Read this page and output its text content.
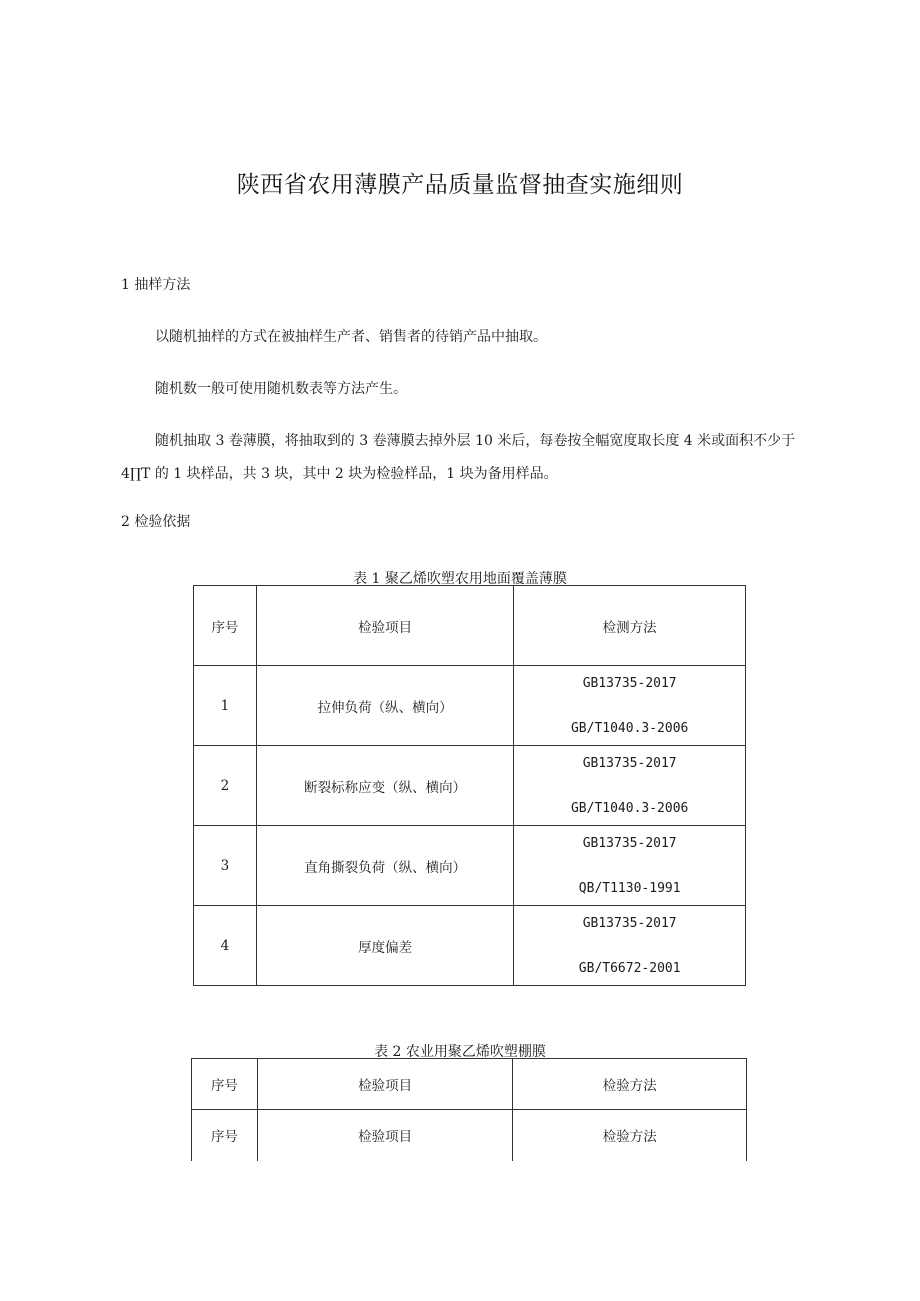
陕西省农用薄膜产品质量监督抽查实施细则
1 抽样方法
以随机抽样的方式在被抽样生产者、销售者的待销产品中抽取。
随机数一般可使用随机数表等方法产生。
随机抽取 3 卷薄膜，将抽取到的 3 卷薄膜去掉外层 10 米后，每卷按全幅宽度取长度 4 米或面积不少于
4∏T 的 1 块样品，共 3 块，其中 2 块为检验样品，1 块为备用样品。
2 检验依据
表 1 聚乙烯吹塑农用地面覆盖薄膜
序号	检验项目	检测方法
1	拉伸负荷（纵、横向）	GB13735-2017
GB/T1040.3-2006

2	断裂标称应变（纵、横向）	GB13735-2017
GB/T1040.3-2006

3	直角撕裂负荷（纵、横向）	GB13735-2017
QB/T1130-1991

4	厚度偏差	GB13735-2017
GB/T6672-2001
表 2 农业用聚乙烯吹塑棚膜
序号	检验项目	检验方法
序号	检验项目	检验方法
